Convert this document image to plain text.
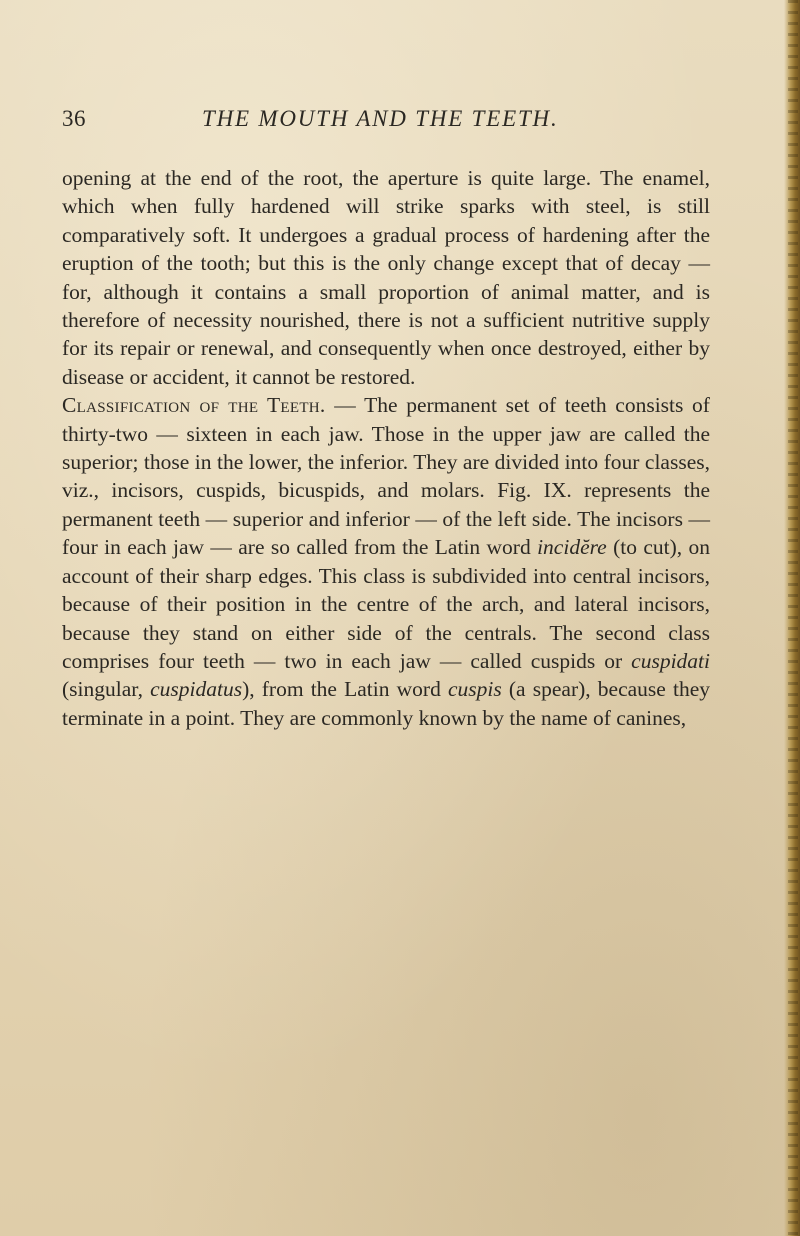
36	THE MOUTH AND THE TEETH.

opening at the end of the root, the aperture is quite large. The enamel, which when fully hardened will strike sparks with steel, is still comparatively soft. It undergoes a gradual process of hardening after the eruption of the tooth; but this is the only change except that of decay — for, although it contains a small proportion of animal matter, and is therefore of necessity nourished, there is not a sufficient nutritive supply for its repair or renewal, and consequently when once destroyed, either by disease or accident, it cannot be restored.

Classification of the Teeth. — The permanent set of teeth consists of thirty-two — sixteen in each jaw. Those in the upper jaw are called the superior; those in the lower, the inferior. They are divided into four classes, viz., incisors, cuspids, bicuspids, and molars. Fig. IX. represents the permanent teeth — superior and inferior — of the left side. The incisors — four in each jaw — are so called from the Latin word incidĕre (to cut), on account of their sharp edges. This class is subdivided into central incisors, because of their position in the centre of the arch, and lateral incisors, because they stand on either side of the centrals. The second class comprises four teeth — two in each jaw — called cuspids or cuspidati (singular, cuspidatus), from the Latin word cuspis (a spear), because they terminate in a point. They are commonly known by the name of canines,
